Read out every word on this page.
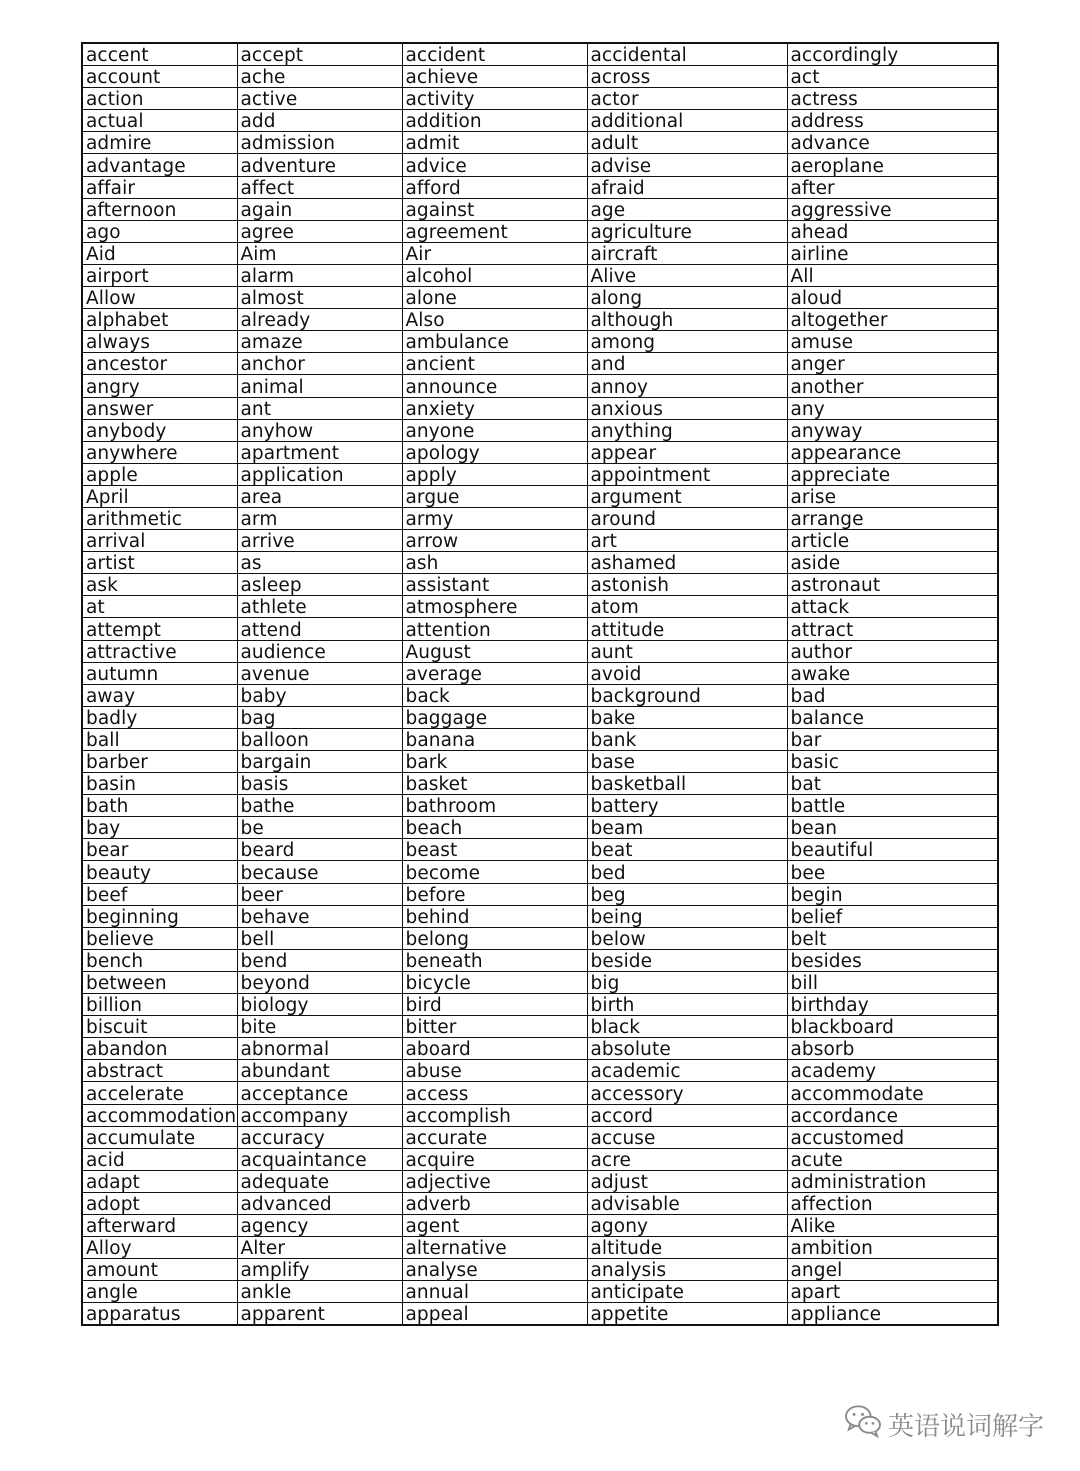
accent	accept	accident	accidental	accordingly
account	ache	achieve	across	act
action	active	activity	actor	actress
actual	add	addition	additional	address
admire	admission	admit	adult	advance
advantage	adventure	advice	advise	aeroplane
affair	affect	afford	afraid	after
afternoon	again	against	age	aggressive
ago	agree	agreement	agriculture	ahead
Aid	Aim	Air	aircraft	airline
airport	alarm	alcohol	Alive	All
Allow	almost	alone	along	aloud
alphabet	already	Also	although	altogether
always	amaze	ambulance	among	amuse
ancestor	anchor	ancient	and	anger
angry	animal	announce	annoy	another
answer	ant	anxiety	anxious	any
anybody	anyhow	anyone	anything	anyway
anywhere	apartment	apology	appear	appearance
apple	application	apply	appointment	appreciate
April	area	argue	argument	arise
arithmetic	arm	army	around	arrange
arrival	arrive	arrow	art	article
artist	as	ash	ashamed	aside
ask	asleep	assistant	astonish	astronaut
at	athlete	atmosphere	atom	attack
attempt	attend	attention	attitude	attract
attractive	audience	August	aunt	author
autumn	avenue	average	avoid	awake
away	baby	back	background	bad
badly	bag	baggage	bake	balance
ball	balloon	banana	bank	bar
barber	bargain	bark	base	basic
basin	basis	basket	basketball	bat
bath	bathe	bathroom	battery	battle
bay	be	beach	beam	bean
bear	beard	beast	beat	beautiful
beauty	because	become	bed	bee
beef	beer	before	beg	begin
beginning	behave	behind	being	belief
believe	bell	belong	below	belt
bench	bend	beneath	beside	besides
between	beyond	bicycle	big	bill
billion	biology	bird	birth	birthday
biscuit	bite	bitter	black	blackboard
abandon	abnormal	aboard	absolute	absorb
abstract	abundant	abuse	academic	academy
accelerate	acceptance	access	accessory	accommodate
accommodation	accompany	accomplish	accord	accordance
accumulate	accuracy	accurate	accuse	accustomed
acid	acquaintance	acquire	acre	acute
adapt	adequate	adjective	adjust	administration
adopt	advanced	adverb	advisable	affection
afterward	agency	agent	agony	Alike
Alloy	Alter	alternative	altitude	ambition
amount	amplify	analyse	analysis	angel
angle	ankle	annual	anticipate	apart
apparatus	apparent	appeal	appetite	appliance
英语说词解字
